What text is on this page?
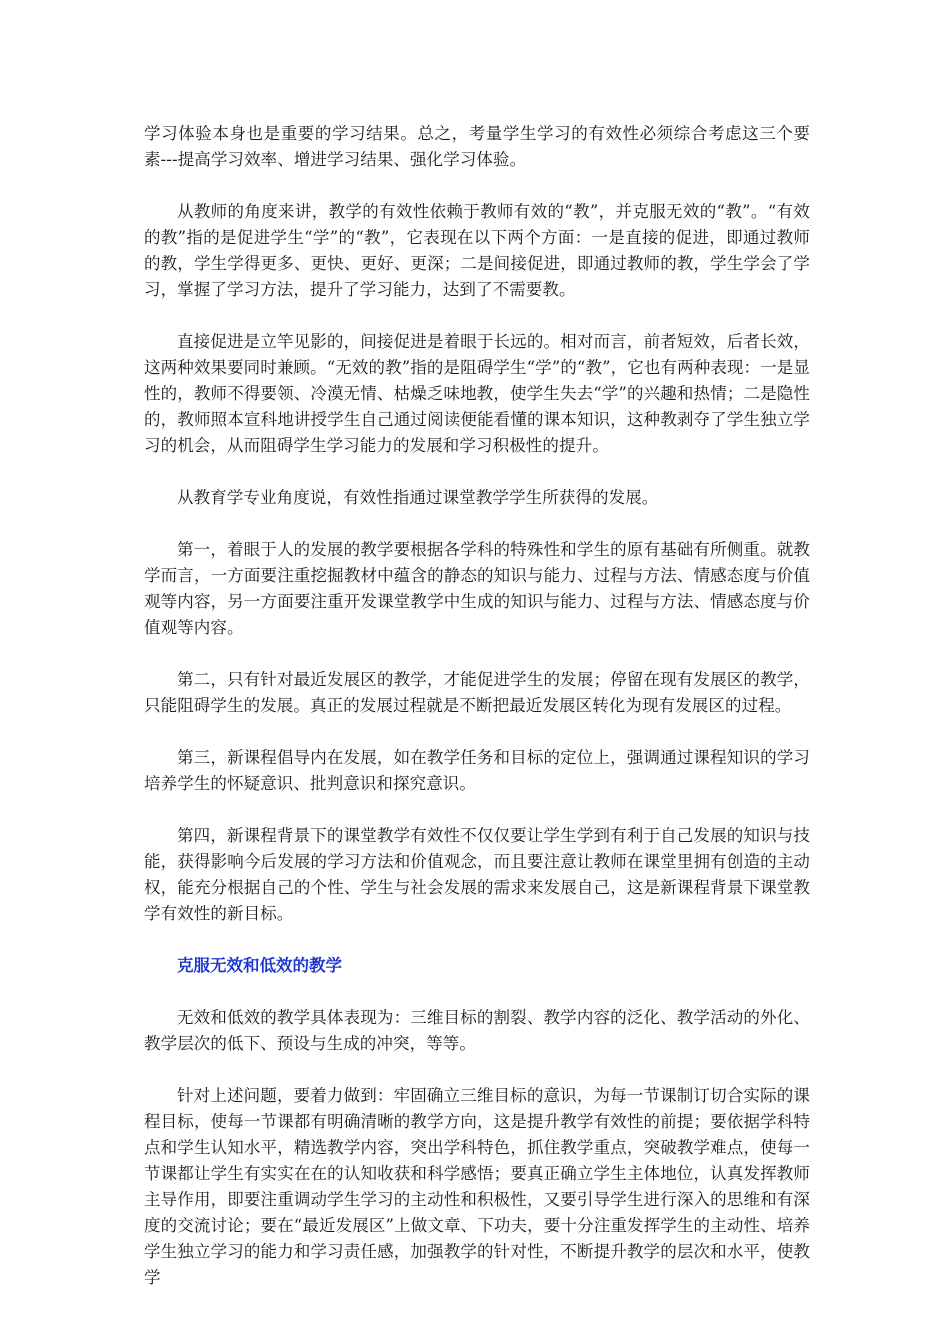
学习体验本身也是重要的学习结果。总之，考量学生学习的有效性必须综合考虑这三个要素---提高学习效率、增进学习结果、强化学习体验。

从教师的角度来讲，教学的有效性依赖于教师有效的“教”，并克服无效的“教”。“有效的教”指的是促进学生“学”的“教”，它表现在以下两个方面：一是直接的促进，即通过教师的教，学生学得更多、更快、更好、更深；二是间接促进，即通过教师的教，学生学会了学习，掌握了学习方法，提升了学习能力，达到了不需要教。

直接促进是立竿见影的，间接促进是着眼于长远的。相对而言，前者短效，后者长效，这两种效果要同时兼顾。“无效的教”指的是阻碍学生“学”的“教”，它也有两种表现：一是显性的，教师不得要领、冷漠无情、枯燥乏味地教，使学生失去“学”的兴趣和热情；二是隐性的，教师照本宣科地讲授学生自己通过阅读便能看懂的课本知识，这种教剥夺了学生独立学习的机会，从而阻碍学生学习能力的发展和学习积极性的提升。

从教育学专业角度说，有效性指通过课堂教学学生所获得的发展。

第一，着眼于人的发展的教学要根据各学科的特殊性和学生的原有基础有所侧重。就教学而言，一方面要注重挖掘教材中蕴含的静态的知识与能力、过程与方法、情感态度与价值观等内容，另一方面要注重开发课堂教学中生成的知识与能力、过程与方法、情感态度与价值观等内容。

第二，只有针对最近发展区的教学，才能促进学生的发展；停留在现有发展区的教学，只能阻碍学生的发展。真正的发展过程就是不断把最近发展区转化为现有发展区的过程。

第三，新课程倡导内在发展，如在教学任务和目标的定位上，强调通过课程知识的学习培养学生的怀疑意识、批判意识和探究意识。

第四，新课程背景下的课堂教学有效性不仅仅要让学生学到有利于自己发展的知识与技能，获得影响今后发展的学习方法和价值观念，而且要注意让教师在课堂里拥有创造的主动权，能充分根据自己的个性、学生与社会发展的需求来发展自己，这是新课程背景下课堂教学有效性的新目标。

克服无效和低效的教学

无效和低效的教学具体表现为：三维目标的割裂、教学内容的泛化、教学活动的外化、教学层次的低下、预设与生成的冲突，等等。

针对上述问题，要着力做到：牢固确立三维目标的意识，为每一节课制订切合实际的课程目标，使每一节课都有明确清晰的教学方向，这是提升教学有效性的前提；要依据学科特点和学生认知水平，精选教学内容，突出学科特色，抓住教学重点，突破教学难点，使每一节课都让学生有实实在在的认知收获和科学感悟；要真正确立学生主体地位，认真发挥教师主导作用，即要注重调动学生学习的主动性和积极性，又要引导学生进行深入的思维和有深度的交流讨论；要在“最近发展区”上做文章、下功夫，要十分注重发挥学生的主动性、培养学生独立学习的能力和学习责任感，加强教学的针对性，不断提升教学的层次和水平，使教学
